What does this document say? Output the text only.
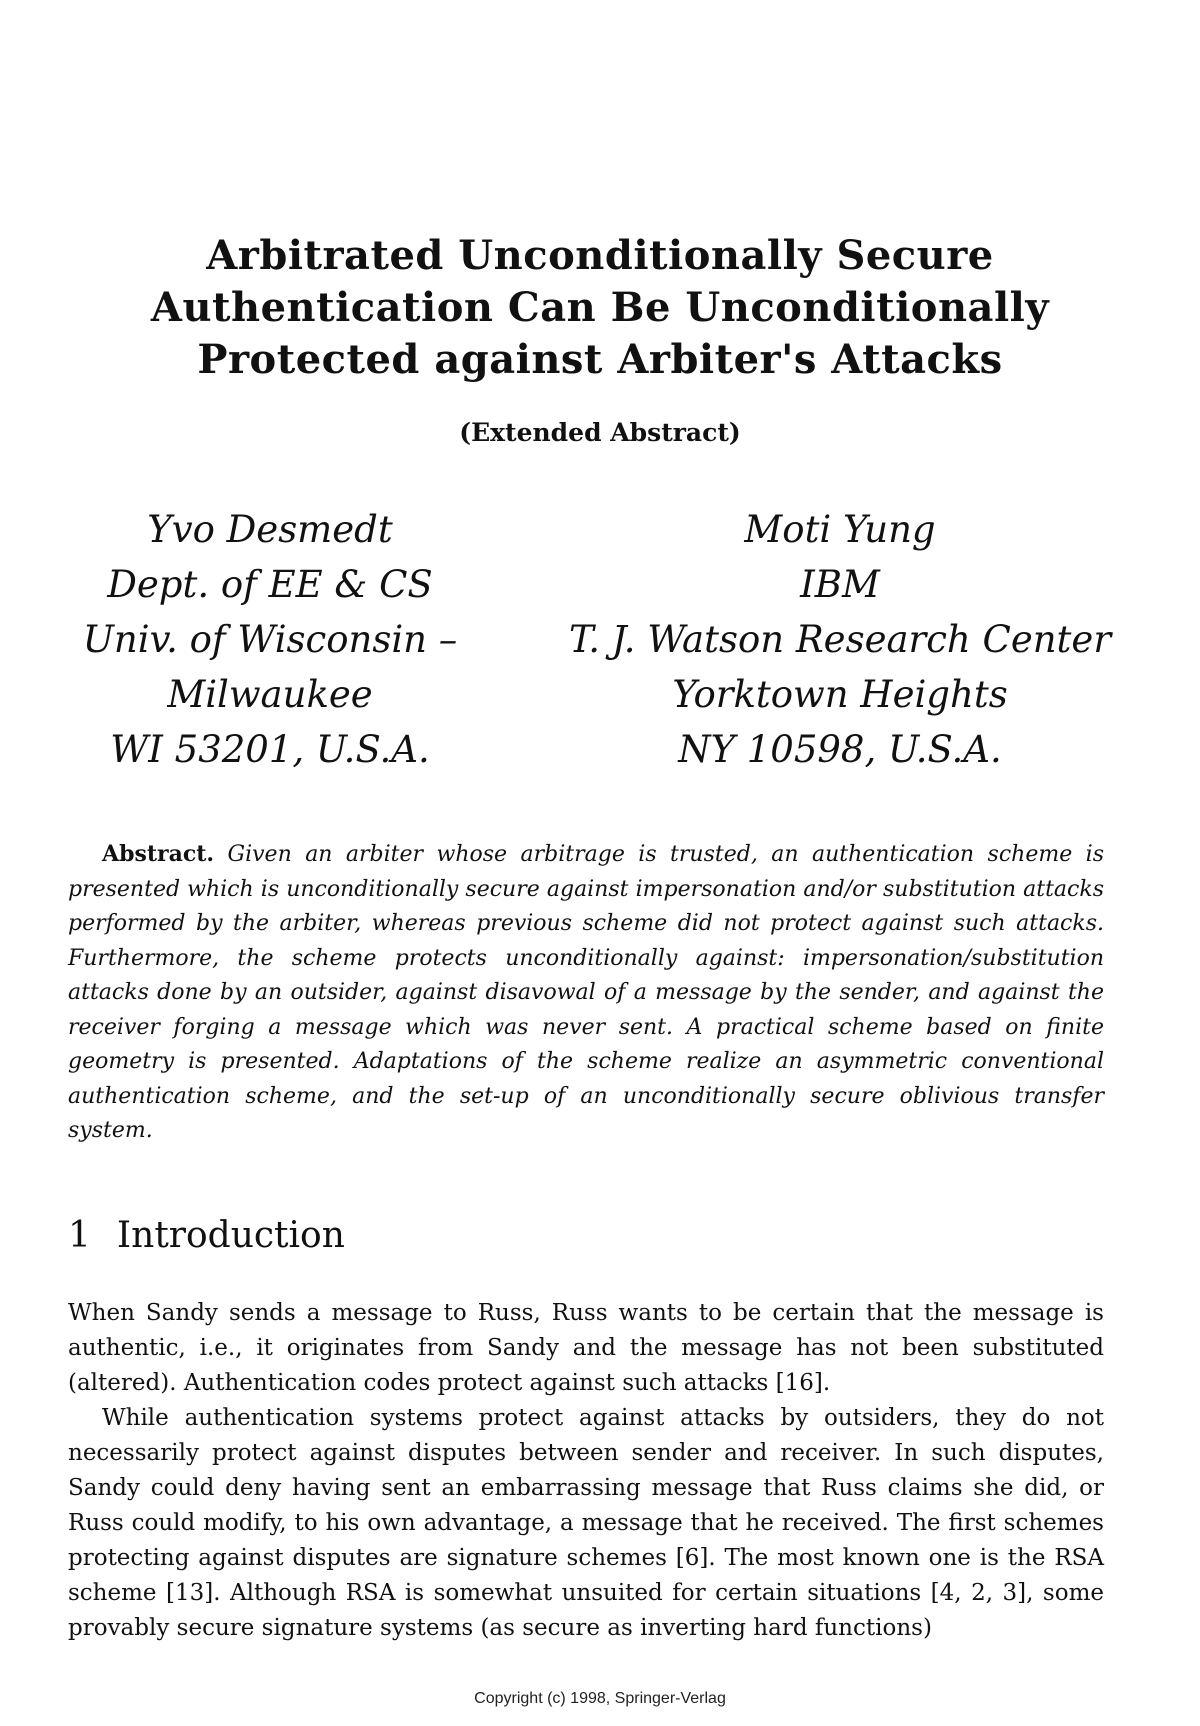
Arbitrated Unconditionally Secure
Authentication Can Be Unconditionally
Protected against Arbiter's Attacks
(Extended Abstract)
Yvo Desmedt
Dept. of EE & CS
Univ. of Wisconsin –
Milwaukee
WI 53201, U.S.A.
Moti Yung
IBM
T. J. Watson Research Center
Yorktown Heights
NY 10598, U.S.A.
Abstract. Given an arbiter whose arbitrage is trusted, an authentication scheme is presented which is unconditionally secure against impersonation and/or substitution attacks performed by the arbiter, whereas previous scheme did not protect against such attacks. Furthermore, the scheme protects unconditionally against: impersonation/substitution attacks done by an outsider, against disavowal of a message by the sender, and against the receiver forging a message which was never sent. A practical scheme based on finite geometry is presented. Adaptations of the scheme realize an asymmetric conventional authentication scheme, and the set-up of an unconditionally secure oblivious transfer system.
1 Introduction

When Sandy sends a message to Russ, Russ wants to be certain that the message is authentic, i.e., it originates from Sandy and the message has not been substituted (altered). Authentication codes protect against such attacks [16].

While authentication systems protect against attacks by outsiders, they do not necessarily protect against disputes between sender and receiver. In such disputes, Sandy could deny having sent an embarrassing message that Russ claims she did, or Russ could modify, to his own advantage, a message that he received. The first schemes protecting against disputes are signature schemes [6]. The most known one is the RSA scheme [13]. Although RSA is somewhat unsuited for certain situations [4, 2, 3], some provably secure signature systems (as secure as inverting hard functions)

Copyright (c) 1998, Springer-Verlag
